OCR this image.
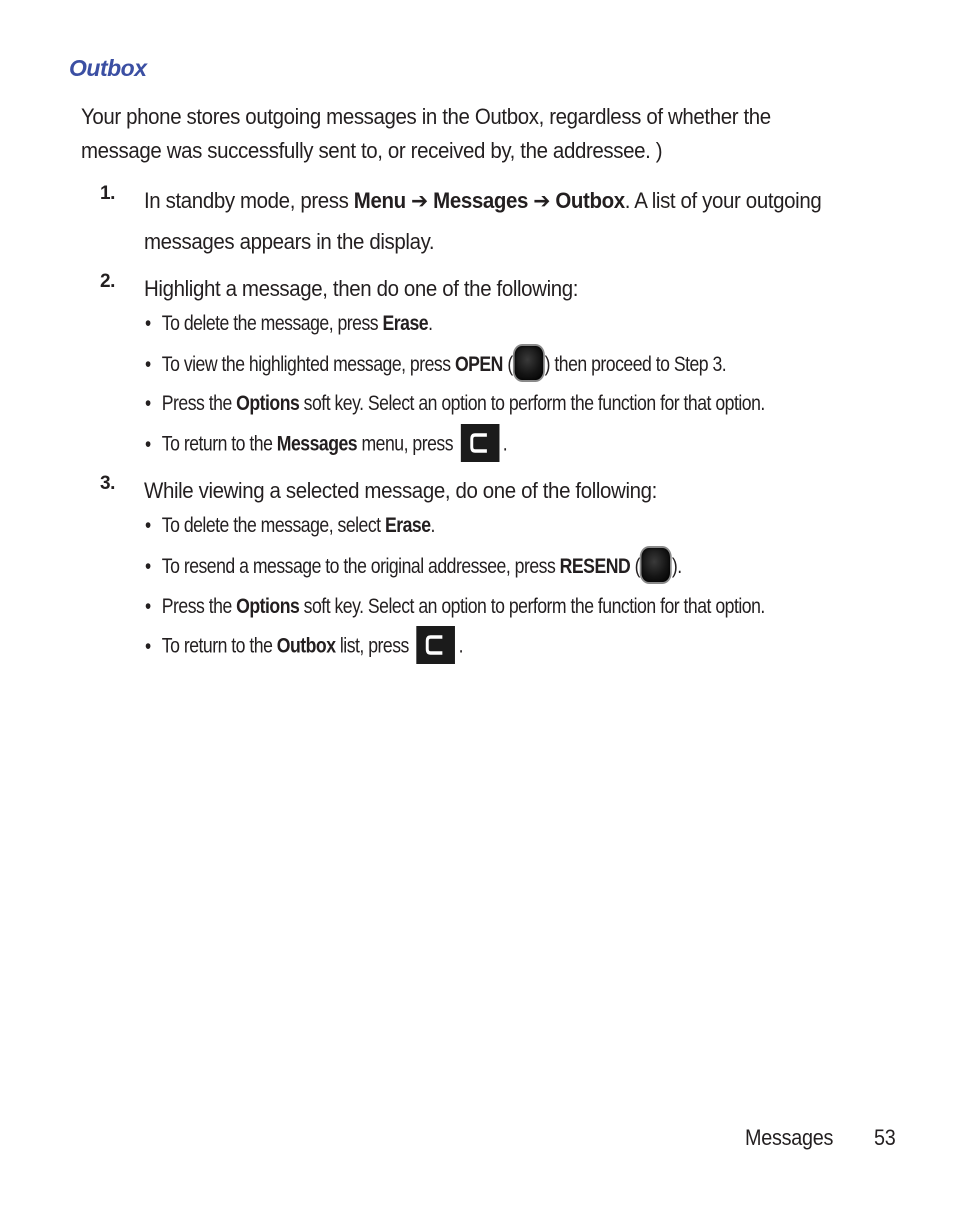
Outbox
Your phone stores outgoing messages in the Outbox, regardless of whether the message was successfully sent to, or received by, the addressee. )
1. In standby mode, press Menu ➔ Messages ➔ Outbox. A list of your outgoing messages appears in the display.
2. Highlight a message, then do one of the following:
• To delete the message, press Erase.
• To view the highlighted message, press OPEN ( ) then proceed to Step 3.
• Press the Options soft key. Select an option to perform the function for that option.
• To return to the Messages menu, press
.
3. While viewing a selected message, do one of the following:
• To delete the message, select Erase.
• To resend a message to the original addressee, press RESEND ( ).
• Press the Options soft key. Select an option to perform the function for that option.
• To return to the Outbox list, press
.
Messages 53
